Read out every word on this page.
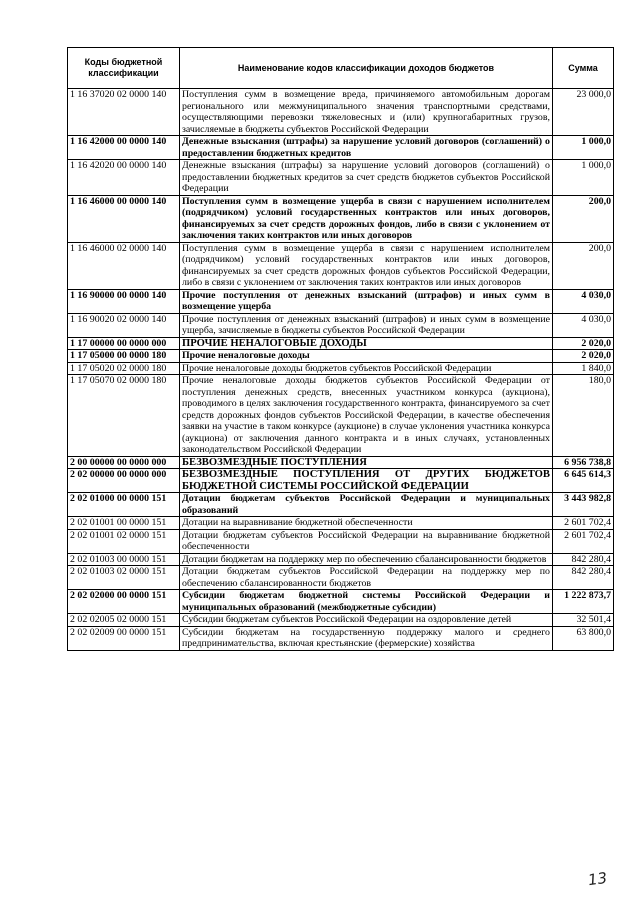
Коды бюджетной классификации	Наименование кодов классификации доходов бюджетов	Сумма
1 16 37020 02 0000 140	Поступления сумм в возмещение вреда, причиняемого автомобильным дорогам регионального или межмуниципального значения транспортными средствами, осуществляющими перевозки тяжеловесных и (или) крупногабаритных грузов, зачисляемые в бюджеты субъектов Российской Федерации	23 000,0
1 16 42000 00 0000 140	Денежные взыскания (штрафы) за нарушение условий договоров (соглашений) о предоставлении бюджетных кредитов	1 000,0
1 16 42020 00 0000 140	Денежные взыскания (штрафы) за нарушение условий договоров (соглашений) о предоставлении бюджетных кредитов за счет средств бюджетов субъектов Российской Федерации	1 000,0
1 16 46000 00 0000 140	Поступления сумм в возмещение ущерба в связи с нарушением исполнителем (подрядчиком) условий государственных контрактов или иных договоров, финансируемых за счет средств дорожных фондов, либо в связи с уклонением от заключения таких контрактов или иных договоров	200,0
1 16 46000 02 0000 140	Поступления сумм в возмещение ущерба в связи с нарушением исполнителем (подрядчиком) условий государственных контрактов или иных договоров, финансируемых за счет средств дорожных фондов субъектов Российской Федерации, либо в связи с уклонением от заключения таких контрактов или иных договоров	200,0
1 16 90000 00 0000 140	Прочие поступления от денежных взысканий (штрафов) и иных сумм в возмещение ущерба	4 030,0
1 16 90020 02 0000 140	Прочие поступления от денежных взысканий (штрафов) и иных сумм в возмещение ущерба, зачисляемые в бюджеты субъектов Российской Федерации	4 030,0
1 17 00000 00 0000 000	ПРОЧИЕ НЕНАЛОГОВЫЕ ДОХОДЫ	2 020,0
1 17 05000 00 0000 180	Прочие неналоговые доходы	2 020,0
1 17 05020 02 0000 180	Прочие неналоговые доходы бюджетов субъектов Российской Федерации	1 840,0
1 17 05070 02 0000 180	Прочие неналоговые доходы бюджетов субъектов Российской Федерации от поступления денежных средств, внесенных участником конкурса (аукциона), проводимого в целях заключения государственного контракта, финансируемого за счет средств дорожных фондов субъектов Российской Федерации, в качестве обеспечения заявки на участие в таком конкурсе (аукционе) в случае уклонения участника конкурса (аукциона) от заключения данного контракта и в иных случаях, установленных законодательством Российской Федерации	180,0
2 00 00000 00 0000 000	БЕЗВОЗМЕЗДНЫЕ ПОСТУПЛЕНИЯ	6 956 738,8
2 02 00000 00 0000 000	БЕЗВОЗМЕЗДНЫЕ ПОСТУПЛЕНИЯ ОТ ДРУГИХ БЮДЖЕТОВ БЮДЖЕТНОЙ СИСТЕМЫ РОССИЙСКОЙ ФЕДЕРАЦИИ	6 645 614,3
2 02 01000 00 0000 151	Дотации бюджетам субъектов Российской Федерации и муниципальных образований	3 443 982,8
2 02 01001 00 0000 151	Дотации на выравнивание бюджетной обеспеченности	2 601 702,4
2 02 01001 02 0000 151	Дотации бюджетам субъектов Российской Федерации на выравнивание бюджетной обеспеченности	2 601 702,4
2 02 01003 00 0000 151	Дотации бюджетам на поддержку мер по обеспечению сбалансированности бюджетов	842 280,4
2 02 01003 02 0000 151	Дотации бюджетам субъектов Российской Федерации на поддержку мер по обеспечению сбалансированности бюджетов	842 280,4
2 02 02000 00 0000 151	Субсидии бюджетам бюджетной системы Российской Федерации и муниципальных образований (межбюджетные субсидии)	1 222 873,7
2 02 02005 02 0000 151	Субсидии бюджетам субъектов Российской Федерации на оздоровление детей	32 501,4
2 02 02009 00 0000 151	Субсидии бюджетам на государственную поддержку малого и среднего предпринимательства, включая крестьянские (фермерские) хозяйства	63 800,0
13
